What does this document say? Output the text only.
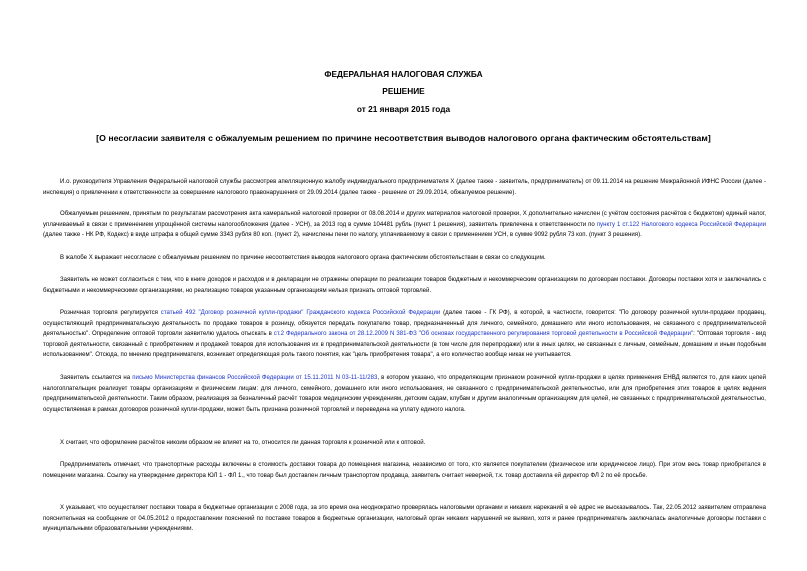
ФЕДЕРАЛЬНАЯ НАЛОГОВАЯ СЛУЖБА
РЕШЕНИЕ
от 21 января 2015 года
[О несогласии заявителя с обжалуемым решением по причине несоответствия выводов налогового органа фактическим обстоятельствам]

И.о. руководителя Управления Федеральной налоговой службы рассмотрев апелляционную жалобу индивидуального предпринимателя Х (далее также - заявитель, предприниматель) от 09.11.2014 на решение Межрайонной ИФНС России (далее - инспекция) о привлечении к ответственности за совершение налогового правонарушения от 29.09.2014 (далее также - решение от 29.09.2014, обжалуемое решение).

Обжалуемым решением, принятым по результатам рассмотрения акта камеральной налоговой проверки от 08.08.2014 и других материалов налоговой проверки, Х дополнительно начислен (с учётом состояния расчётов с бюджетом) единый налог, уплачиваемый в связи с применением упрощённой системы налогообложения (далее - УСН), за 2013 год в сумме 104481 рубль (пункт 1 решения), заявитель привлечена к ответственности по пункту 1 ст.122 Налогового кодекса Российской Федерации (далее также - НК РФ, Кодекс) в виде штрафа в общей сумме 3343 рубля 80 коп. (пункт 2), начислены пени по налогу, уплачиваемому в связи с применением УСН, в сумме 9092 рубля 73 коп. (пункт 3 решения).

В жалобе Х выражает несогласие с обжалуемым решением по причине несоответствия выводов налогового органа фактическим обстоятельствам в связи со следующим.

Заявитель не может согласиться с тем, что в книге доходов и расходов и в декларации не отражены операции по реализации товаров бюджетным и некоммерческим организациям по договорам поставки. Договоры поставки хотя и заключались с бюджетными и некоммерческими организациями, но реализацию товаров указанным организациям нельзя признать оптовой торговлей.

Розничная торговля регулируется статьей 492 "Договор розничной купли-продажи" Гражданского кодекса Российской Федерации (далее также - ГК РФ), в которой, в частности, говорится: "По договору розничной купли-продажи продавец, осуществляющий предпринимательскую деятельность по продаже товаров в розницу, обязуется передать покупателю товар, предназначенный для личного, семейного, домашнего или иного использования, не связанного с предпринимательской деятельностью". Определение оптовой торговли заявителю удалось отыскать в ст.2 Федерального закона от 28.12.2009 N 381-ФЗ "Об основах государственного регулирования торговой деятельности в Российской Федерации": "Оптовая торговля - вид торговой деятельности, связанный с приобретением и продажей товаров для использования их в предпринимательской деятельности (в том числе для перепродажи) или в иных целях, не связанных с личным, семейным, домашним и иным подобным использованием". Отсюда, по мнению предпринимателя, возникает определяющая роль такого понятия, как "цель приобретения товара", а его количество вообще никак не учитывается.

Заявитель ссылается на письмо Министерства финансов Российской Федерации от 15.11.2011 N 03-11-11/283, в котором указано, что определяющим признаком розничной купли-продажи в целях применения ЕНВД является то, для каких целей налогоплательщик реализует товары организациям и физическим лицам: для личного, семейного, домашнего или иного использования, не связанного с предпринимательской деятельностью, или для приобретения этих товаров в целях ведения предпринимательской деятельности. Таким образом, реализация за безналичный расчёт товаров медицинским учреждениям, детским садам, клубам и другим аналогичным организациям для целей, не связанных с предпринимательской деятельностью, осуществляемая в рамках договоров розничной купли-продажи, может быть признана розничной торговлей и переведена на уплату единого налога.

Х считает, что оформление расчётов никоим образом не влияет на то, относится ли данная торговля к розничной или к оптовой.

Предприниматель отмечает, что транспортные расходы включены в стоимость доставки товара до помещения магазина, независимо от того, кто является покупателем (физическое или юридическое лицо). При этом весь товар приобретался в помещении магазина. Ссылку на утверждение директора ЮЛ 1 - ФЛ 1., что товар был доставлен личным транспортом продавца, заявитель считает неверной, т.к. товар доставила ей директор ФЛ 2 по её просьбе.

Х указывает, что осуществляет поставки товара в бюджетные организации с 2008 года, за это время она неоднократно проверялась налоговыми органами и никаких нареканий в её адрес не высказывалось. Так, 22.05.2012 заявителем отправлена пояснительная на сообщение от 04.05.2012 о предоставлении пояснений по поставке товаров в бюджетные организации, налоговый орган никаких нарушений не выявил, хотя и ранее предприниматель заключалась аналогичные договоры поставки с муниципальными образовательными учреждениями.
